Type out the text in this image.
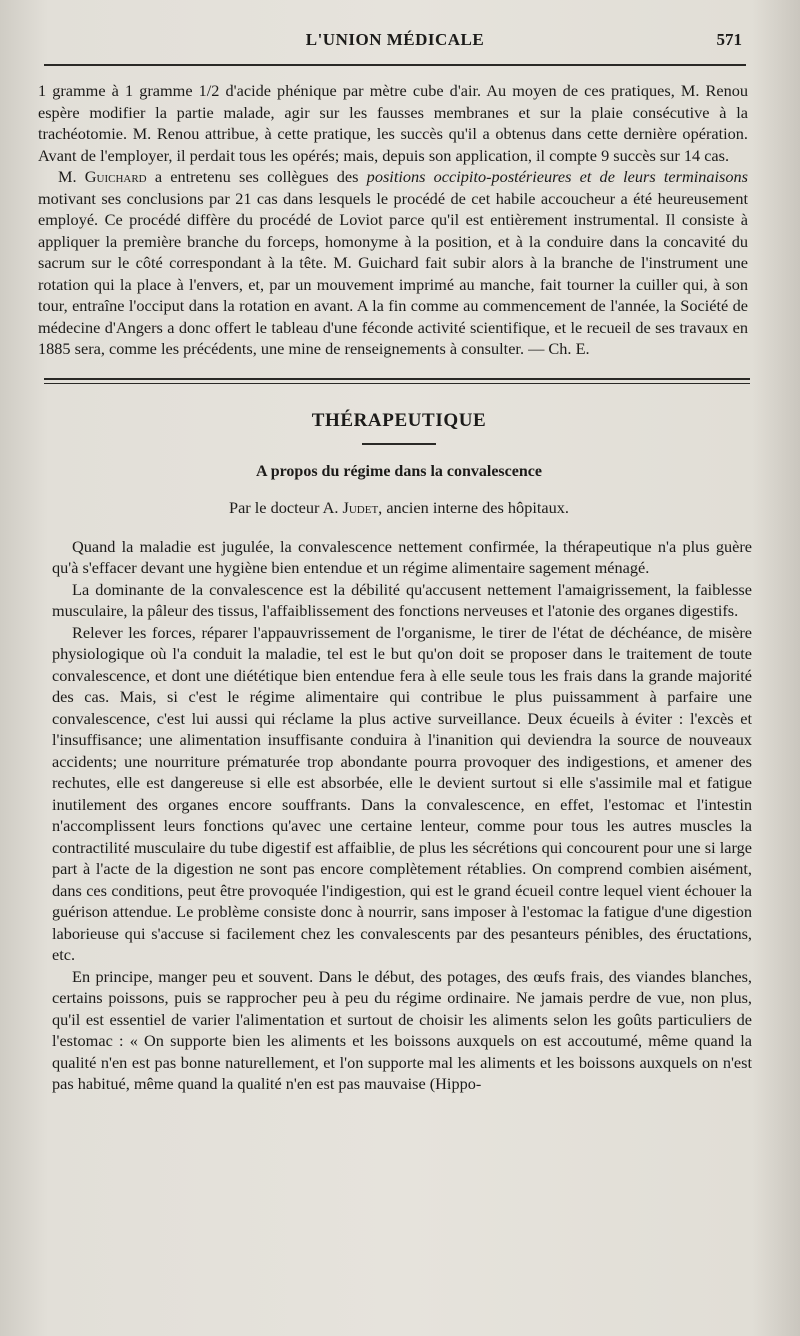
L'UNION MÉDICALE	571

1 gramme à 1 gramme 1/2 d'acide phénique par mètre cube d'air. Au moyen de ces pratiques, M. Renou espère modifier la partie malade, agir sur les fausses membranes et sur la plaie consécutive à la trachéotomie. M. Renou attribue, à cette pratique, les succès qu'il a obtenus dans cette dernière opération. Avant de l'employer, il perdait tous les opérés; mais, depuis son application, il compte 9 succès sur 14 cas.

M. Guichard a entretenu ses collègues des positions occipito-postérieures et de leurs terminaisons motivant ses conclusions par 21 cas dans lesquels le procédé de cet habile accoucheur a été heureusement employé. Ce procédé diffère du procédé de Loviot parce qu'il est entièrement instrumental. Il consiste à appliquer la première branche du forceps, homonyme à la position, et à la conduire dans la concavité du sacrum sur le côté correspondant à la tête. M. Guichard fait subir alors à la branche de l'instrument une rotation qui la place à l'envers, et, par un mouvement imprimé au manche, fait tourner la cuiller qui, à son tour, entraîne l'occiput dans la rotation en avant. A la fin comme au commencement de l'année, la Société de médecine d'Angers a donc offert le tableau d'une féconde activité scientifique, et le recueil de ses travaux en 1885 sera, comme les précédents, une mine de renseignements à consulter. — Ch. E.

THÉRAPEUTIQUE
A propos du régime dans la convalescence
Par le docteur A. Judet, ancien interne des hôpitaux.

Quand la maladie est jugulée, la convalescence nettement confirmée, la thérapeutique n'a plus guère qu'à s'effacer devant une hygiène bien entendue et un régime alimentaire sagement ménagé.

La dominante de la convalescence est la débilité qu'accusent nettement l'amaigrissement, la faiblesse musculaire, la pâleur des tissus, l'affaiblissement des fonctions nerveuses et l'atonie des organes digestifs.

Relever les forces, réparer l'appauvrissement de l'organisme, le tirer de l'état de déchéance, de misère physiologique où l'a conduit la maladie, tel est le but qu'on doit se proposer dans le traitement de toute convalescence, et dont une diététique bien entendue fera à elle seule tous les frais dans la grande majorité des cas. Mais, si c'est le régime alimentaire qui contribue le plus puissamment à parfaire une convalescence, c'est lui aussi qui réclame la plus active surveillance. Deux écueils à éviter : l'excès et l'insuffisance; une alimentation insuffisante conduira à l'inanition qui deviendra la source de nouveaux accidents; une nourriture prématurée trop abondante pourra provoquer des indigestions, et amener des rechutes, elle est dangereuse si elle est absorbée, elle le devient surtout si elle s'assimile mal et fatigue inutilement des organes encore souffrants. Dans la convalescence, en effet, l'estomac et l'intestin n'accomplissent leurs fonctions qu'avec une certaine lenteur, comme pour tous les autres muscles la contractilité musculaire du tube digestif est affaiblie, de plus les sécrétions qui concourent pour une si large part à l'acte de la digestion ne sont pas encore complètement rétablies. On comprend combien aisément, dans ces conditions, peut être provoquée l'indigestion, qui est le grand écueil contre lequel vient échouer la guérison attendue. Le problème consiste donc à nourrir, sans imposer à l'estomac la fatigue d'une digestion laborieuse qui s'accuse si facilement chez les convalescents par des pesanteurs pénibles, des éructations, etc.

En principe, manger peu et souvent. Dans le début, des potages, des œufs frais, des viandes blanches, certains poissons, puis se rapprocher peu à peu du régime ordinaire. Ne jamais perdre de vue, non plus, qu'il est essentiel de varier l'alimentation et surtout de choisir les aliments selon les goûts particuliers de l'estomac : « On supporte bien les aliments et les boissons auxquels on est accoutumé, même quand la qualité n'en est pas bonne naturellement, et l'on supporte mal les aliments et les boissons auxquels on n'est pas habitué, même quand la qualité n'en est pas mauvaise (Hippo-
